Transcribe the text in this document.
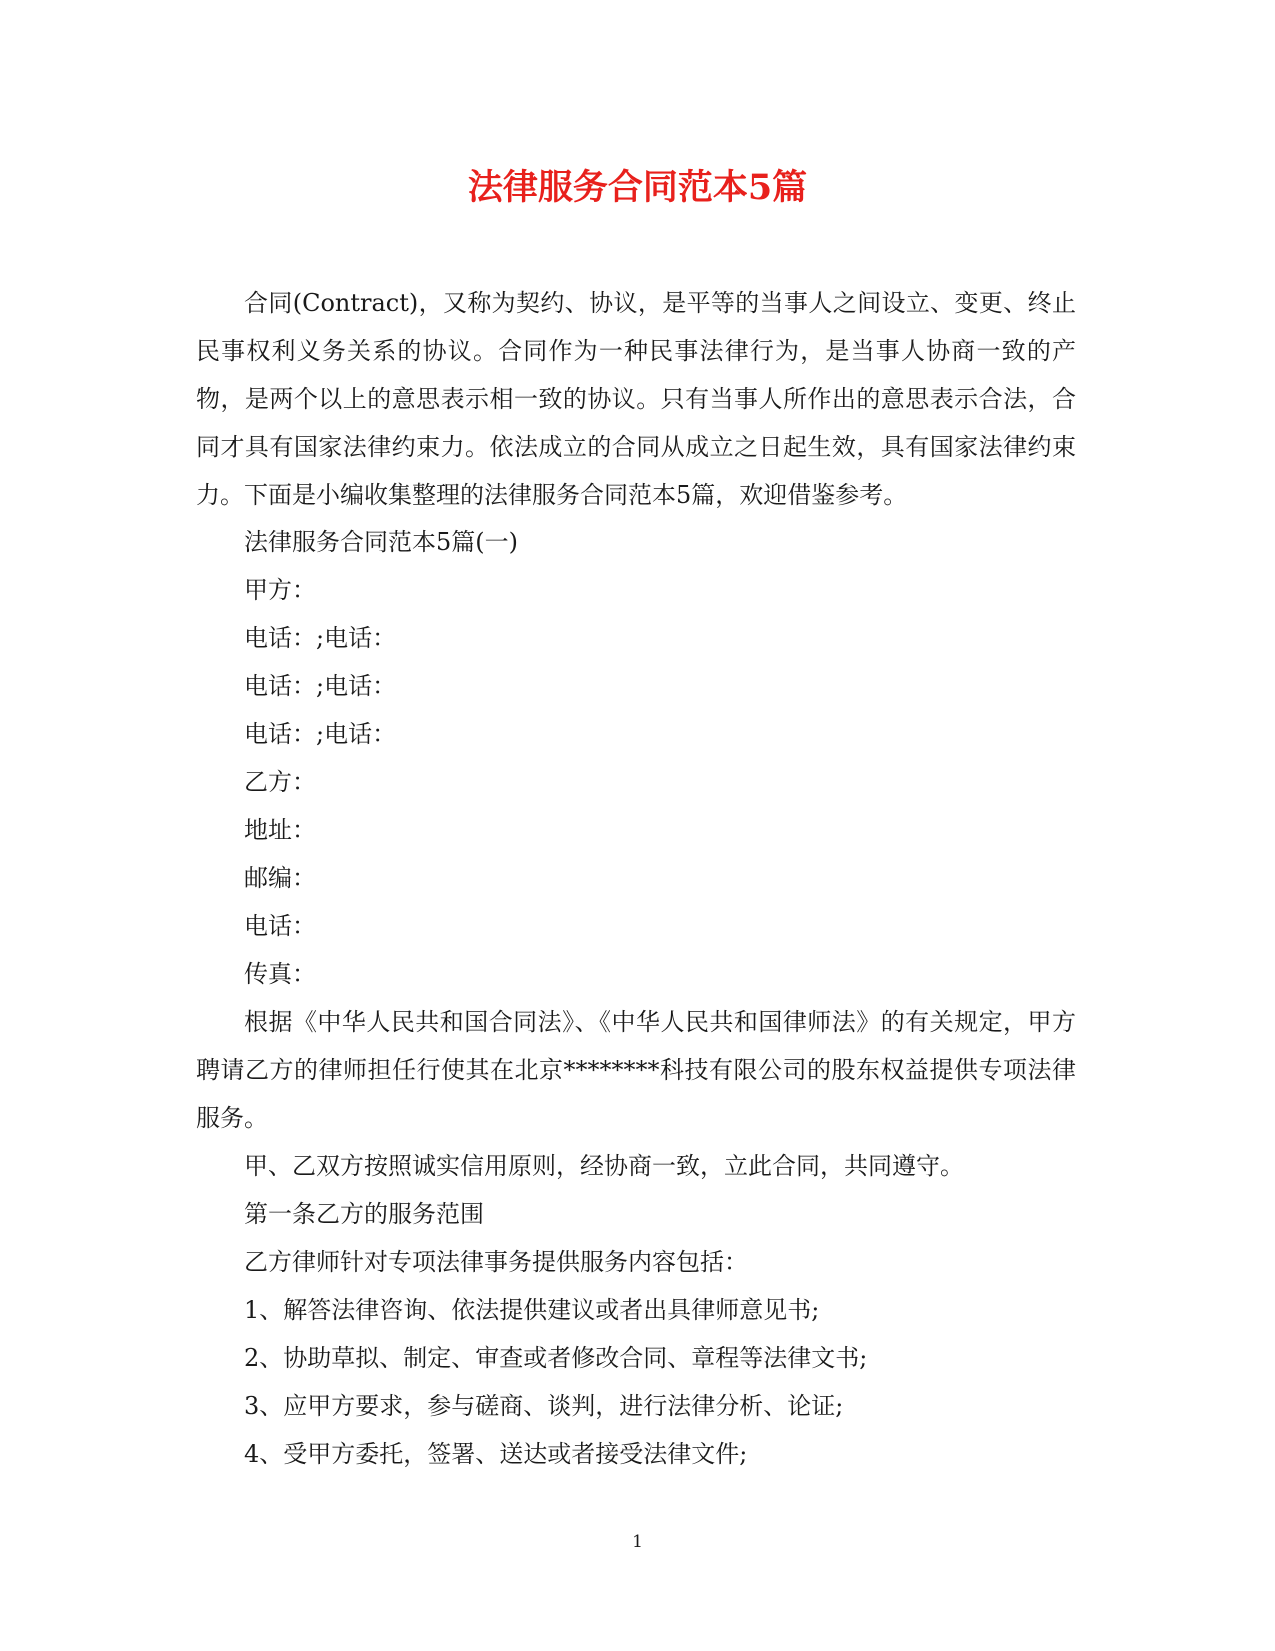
法律服务合同范本5篇

合同(Contract)，又称为契约、协议，是平等的当事人之间设立、变更、终止民事权利义务关系的协议。合同作为一种民事法律行为，是当事人协商一致的产物，是两个以上的意思表示相一致的协议。只有当事人所作出的意思表示合法，合同才具有国家法律约束力。依法成立的合同从成立之日起生效，具有国家法律约束力。下面是小编收集整理的法律服务合同范本5篇，欢迎借鉴参考。

法律服务合同范本5篇(一)

甲方：

电话：;电话：

电话：;电话：

电话：;电话：

乙方：

地址：

邮编：

电话：

传真：

根据《中华人民共和国合同法》、《中华人民共和国律师法》的有关规定，甲方聘请乙方的律师担任行使其在北京********科技有限公司的股东权益提供专项法律服务。

甲、乙双方按照诚实信用原则，经协商一致，立此合同，共同遵守。

第一条乙方的服务范围

乙方律师针对专项法律事务提供服务内容包括：

1、解答法律咨询、依法提供建议或者出具律师意见书;

2、协助草拟、制定、审查或者修改合同、章程等法律文书;

3、应甲方要求，参与磋商、谈判，进行法律分析、论证;

4、受甲方委托，签署、送达或者接受法律文件;

1
